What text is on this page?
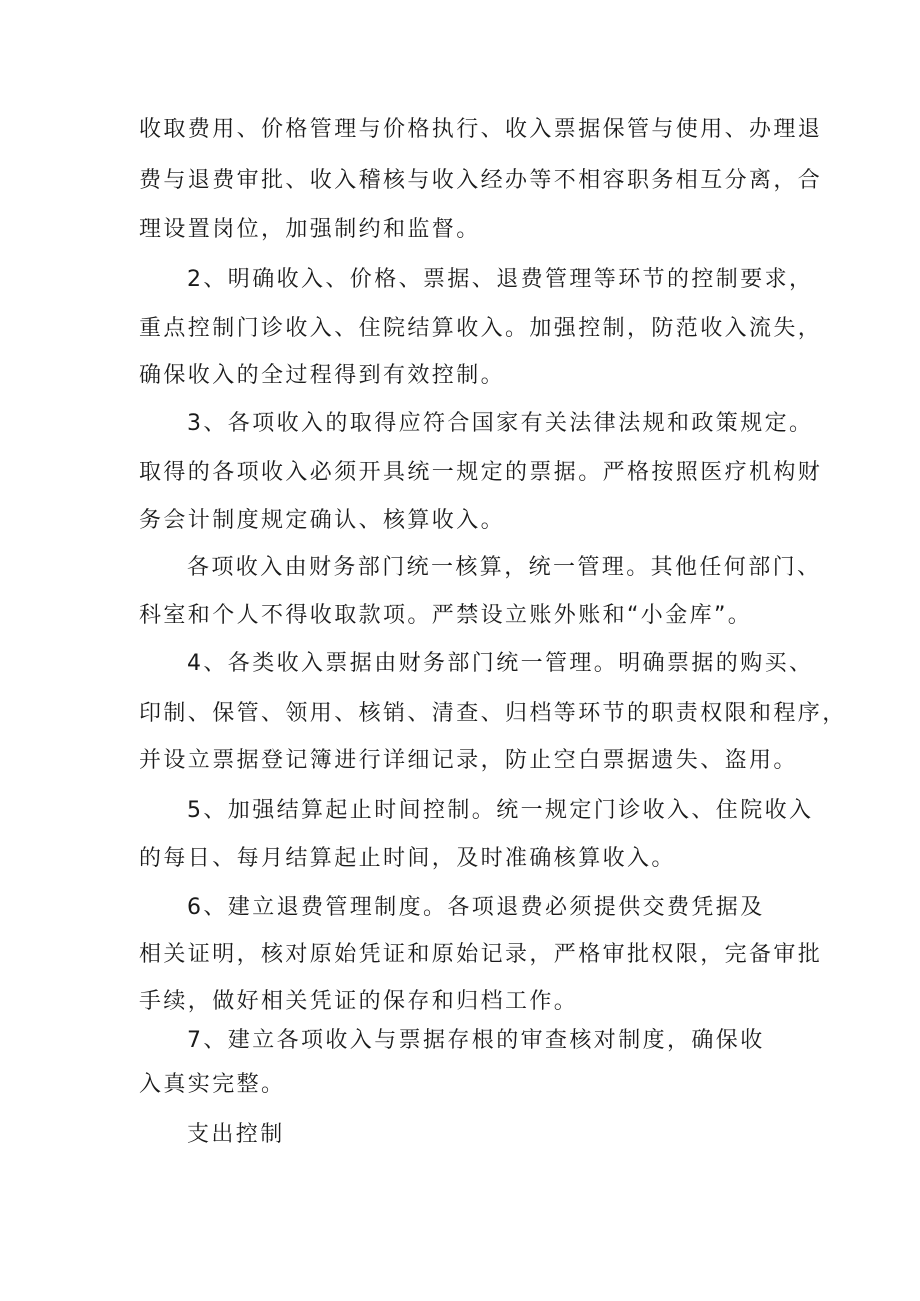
收取费用、价格管理与价格执行、收入票据保管与使用、办理退
费与退费审批、收入稽核与收入经办等不相容职务相互分离，合
理设置岗位，加强制约和监督。
2、明确收入、价格、票据、退费管理等环节的控制要求，
重点控制门诊收入、住院结算收入。加强控制，防范收入流失，
确保收入的全过程得到有效控制。
3、各项收入的取得应符合国家有关法律法规和政策规定。
取得的各项收入必须开具统一规定的票据。严格按照医疗机构财
务会计制度规定确认、核算收入。
各项收入由财务部门统一核算，统一管理。其他任何部门、
科室和个人不得收取款项。严禁设立账外账和“小金库”。
4、各类收入票据由财务部门统一管理。明确票据的购买、
印制、保管、领用、核销、清查、归档等环节的职责权限和程序，
并设立票据登记簿进行详细记录，防止空白票据遗失、盗用。
5、加强结算起止时间控制。统一规定门诊收入、住院收入
的每日、每月结算起止时间，及时准确核算收入。
6、建立退费管理制度。各项退费必须提供交费凭据及
相关证明，核对原始凭证和原始记录，严格审批权限，完备审批
手续，做好相关凭证的保存和归档工作。
7、建立各项收入与票据存根的审查核对制度，确保收
入真实完整。
支出控制
